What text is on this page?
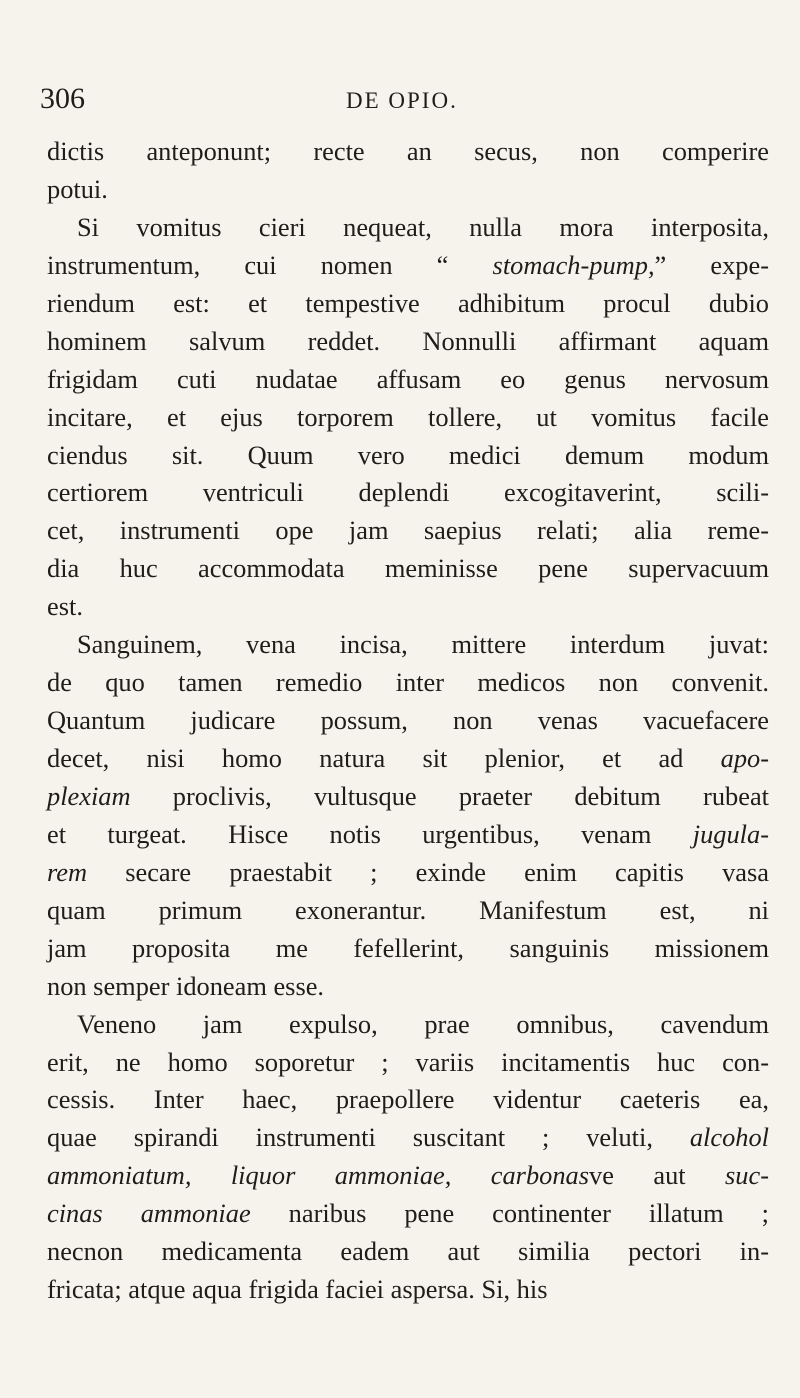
306	DE OPIO.
dictis anteponunt; recte an secus, non comperire
potui.
Si vomitus cieri nequeat, nulla mora interposita,
instrumentum, cui nomen “ stomach-pump,” expe-
riendum est: et tempestive adhibitum procul dubio
hominem salvum reddet. Nonnulli affirmant aquam
frigidam cuti nudatae affusam eo genus nervosum
incitare, et ejus torporem tollere, ut vomitus facile
ciendus sit. Quum vero medici demum modum
certiorem ventriculi deplendi excogitaverint, scili-
cet, instrumenti ope jam saepius relati; alia reme-
dia huc accommodata meminisse pene supervacuum
est.
Sanguinem, vena incisa, mittere interdum juvat:
de quo tamen remedio inter medicos non convenit.
Quantum judicare possum, non venas vacuefacere
decet, nisi homo natura sit plenior, et ad apo-
plexiam proclivis, vultusque praeter debitum rubeat
et turgeat. Hisce notis urgentibus, venam jugula-
rem secare praestabit ; exinde enim capitis vasa
quam primum exonerantur. Manifestum est, ni
jam proposita me fefellerint, sanguinis missionem
non semper idoneam esse.
Veneno jam expulso, prae omnibus, cavendum
erit, ne homo soporetur ; variis incitamentis huc con-
cessis. Inter haec, praepollere videntur caeteris ea,
quae spirandi instrumenti suscitant ; veluti, alcohol
ammoniatum, liquor ammoniae, carbonasve aut suc-
cinas ammoniae naribus pene continenter illatum ;
necnon medicamenta eadem aut similia pectori in-
fricata; atque aqua frigida faciei aspersa. Si, his
